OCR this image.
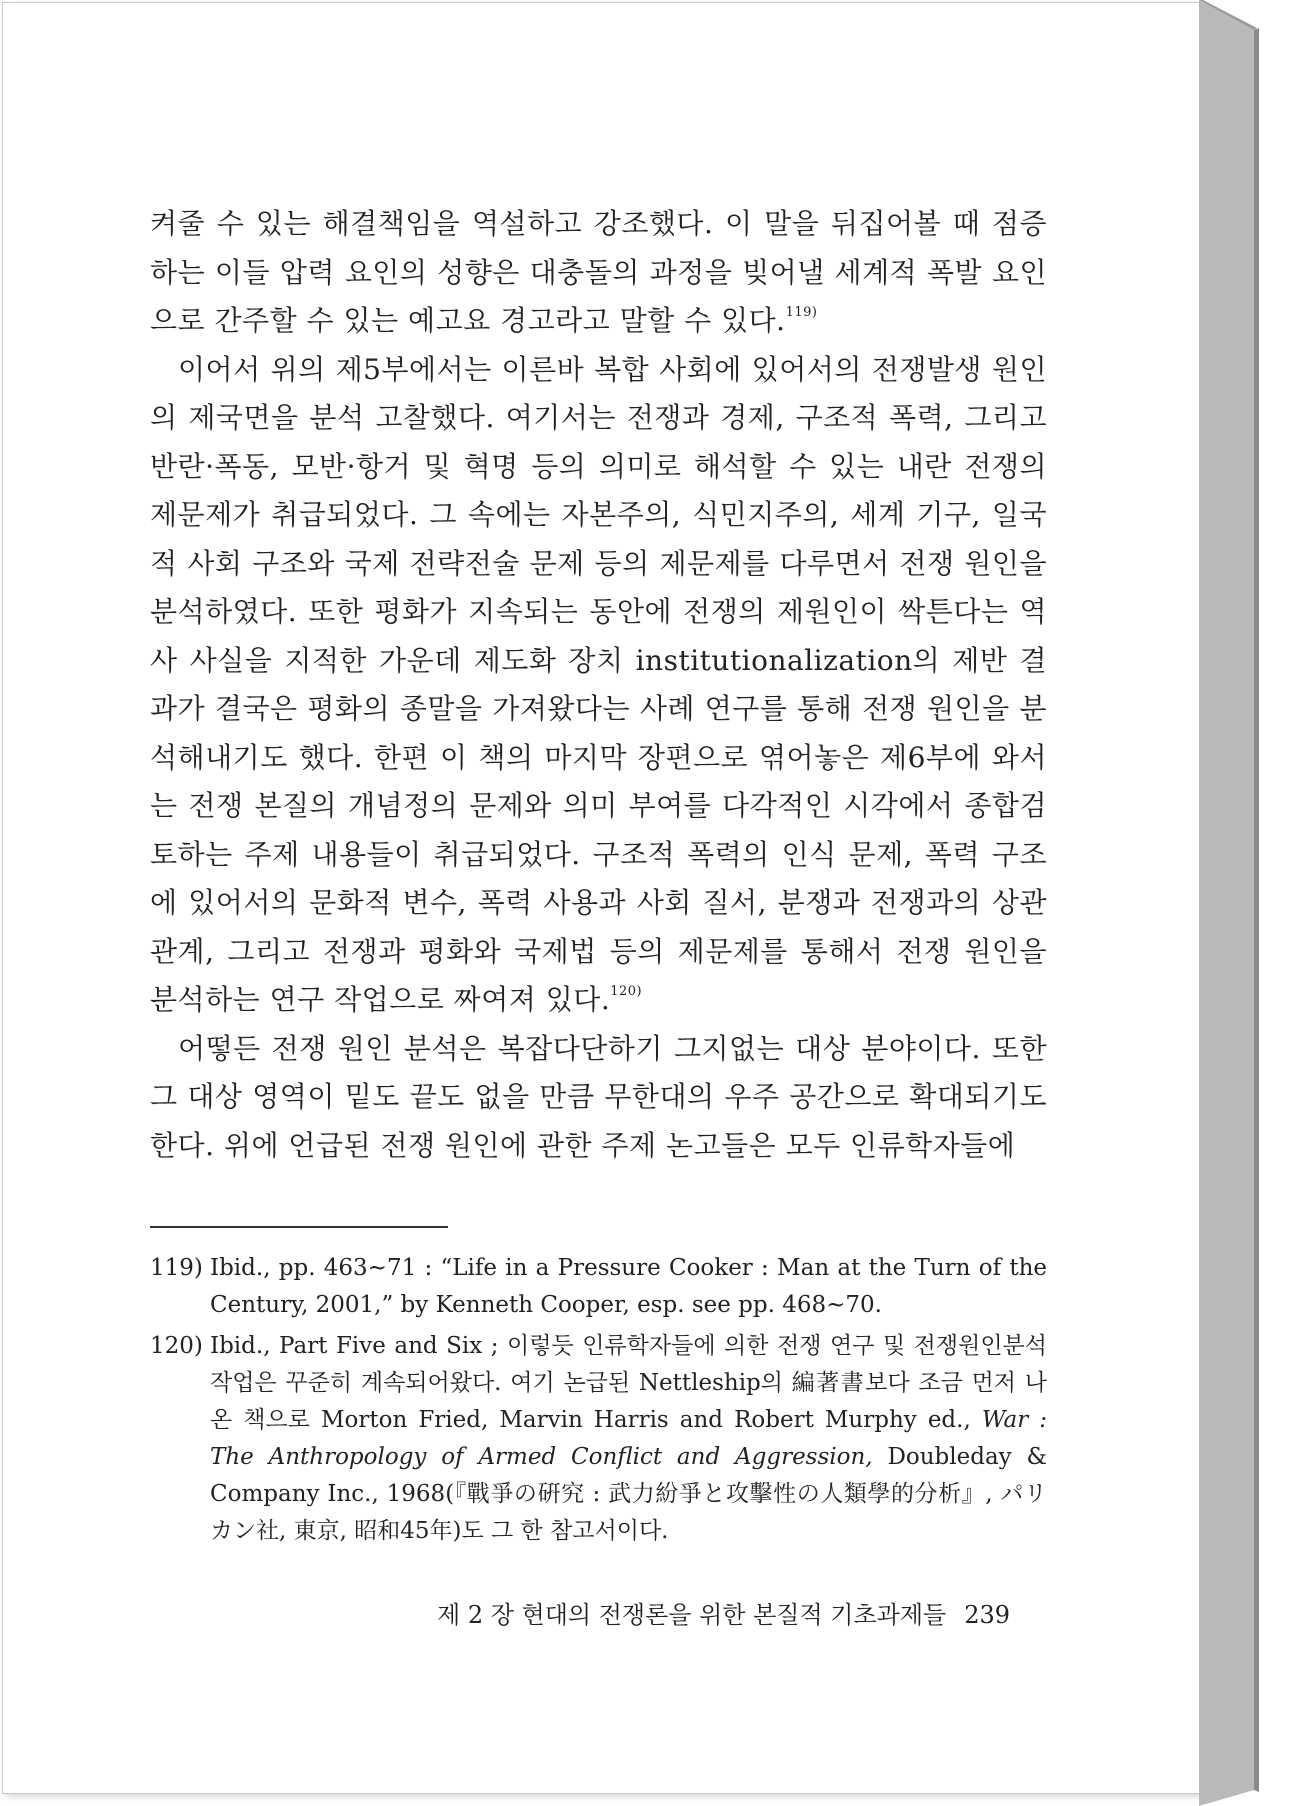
켜줄 수 있는 해결책임을 역설하고 강조했다. 이 말을 뒤집어볼 때 점증하는 이들 압력 요인의 성향은 대충돌의 과정을 빚어낼 세계적 폭발 요인으로 간주할 수 있는 예고요 경고라고 말할 수 있다.$^{119)}$

이어서 위의 제5부에서는 이른바 복합 사회에 있어서의 전쟁발생 원인의 제국면을 분석 고찰했다. 여기서는 전쟁과 경제, 구조적 폭력, 그리고 반란·폭동, 모반·항거 및 혁명 등의 의미로 해석할 수 있는 내란 전쟁의 제문제가 취급되었다. 그 속에는 자본주의, 식민지주의, 세계 기구, 일국적 사회 구조와 국제 전략전술 문제 등의 제문제를 다루면서 전쟁 원인을 분석하였다. 또한 평화가 지속되는 동안에 전쟁의 제원인이 싹튼다는 역사 사실을 지적한 가운데 제도화 장치 institutionalization의 제반 결과가 결국은 평화의 종말을 가져왔다는 사례 연구를 통해 전쟁 원인을 분석해내기도 했다. 한편 이 책의 마지막 장편으로 엮어놓은 제6부에 와서는 전쟁 본질의 개념정의 문제와 의미 부여를 다각적인 시각에서 종합검토하는 주제 내용들이 취급되었다. 구조적 폭력의 인식 문제, 폭력 구조에 있어서의 문화적 변수, 폭력 사용과 사회 질서, 분쟁과 전쟁과의 상관 관계, 그리고 전쟁과 평화와 국제법 등의 제문제를 통해서 전쟁 원인을 분석하는 연구 작업으로 짜여져 있다.$^{120)}$

어떻든 전쟁 원인 분석은 복잡다단하기 그지없는 대상 분야이다. 또한 그 대상 영역이 밑도 끝도 없을 만큼 무한대의 우주 공간으로 확대되기도 한다. 위에 언급된 전쟁 원인에 관한 주제 논고들은 모두 인류학자들에

119) Ibid., pp. 463~71 : “Life in a Pressure Cooker : Man at the Turn of the Century, 2001,” by Kenneth Cooper, esp. see pp. 468~70.
120) Ibid., Part Five and Six ; 이렇듯 인류학자들에 의한 전쟁 연구 및 전쟁원인분석 작업은 꾸준히 계속되어왔다. 여기 논급된 Nettleship의 編著書보다 조금 먼저 나온 책으로 Morton Fried, Marvin Harris and Robert Murphy ed., War : The Anthropology of Armed Conflict and Aggression, Doubleday & Company Inc., 1968(『戰爭の硏究 : 武力紛爭と攻擊性の人類學的分析』, パリカン社, 東京, 昭和45年)도 그 한 참고서이다.
제 2 장 현대의 전쟁론을 위한 본질적 기초과제들 239
